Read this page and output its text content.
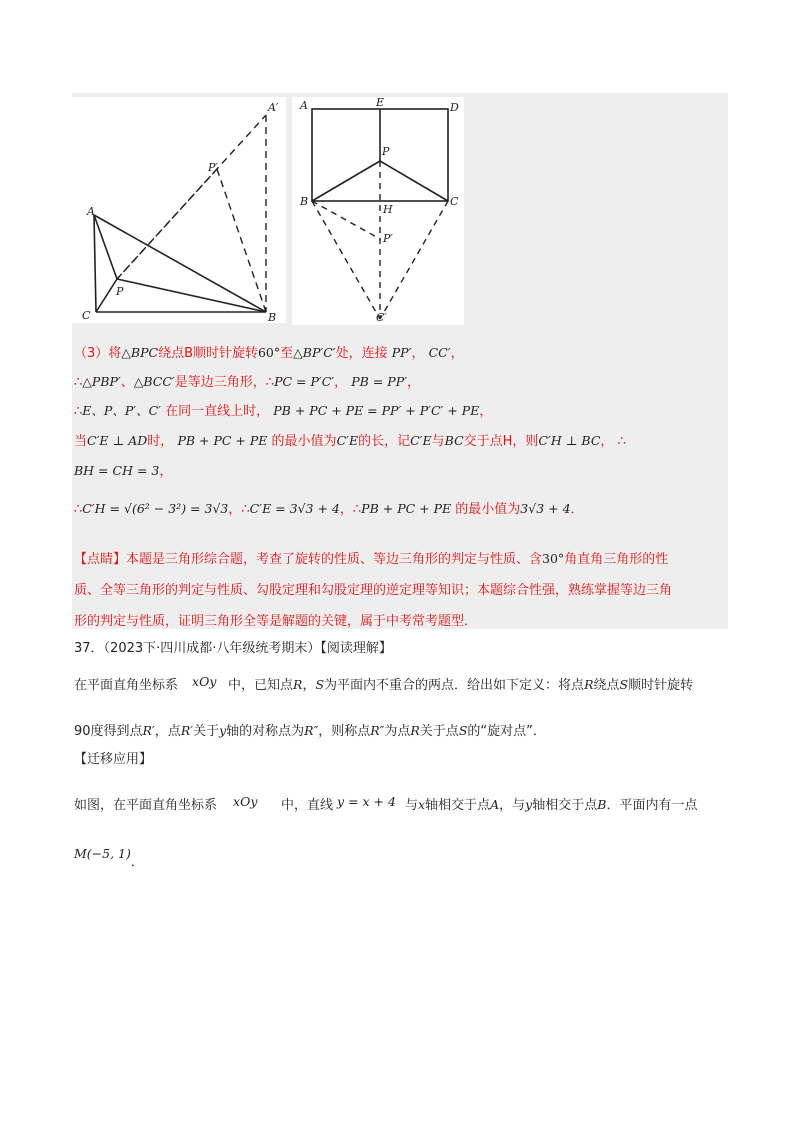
A
A′
P′
P
C	B
A	E	D
P
B
H
C
P′
C′
（3）将△BPC绕点B顺时针旋转60°至△BP′C′处，连接 PP′， CC′，
∴△PBP′、△BCC′是等边三角形，∴PC = P′C′， PB = PP′，
∴E、P、P′、C′ 在同一直线上时， PB + PC + PE = PP′ + P′C′ + PE，
当C′E ⊥ AD时， PB + PC + PE 的最小值为C′E的长，记C′E与BC交于点H，则C′H ⊥ BC， ∴
BH = CH = 3，
∴C′H = √(6² − 3²) = 3√3，∴C′E = 3√3 + 4，∴PB + PC + PE 的最小值为3√3 + 4．
【点睛】本题是三角形综合题，考查了旋转的性质、等边三角形的判定与性质、含30°角直角三角形的性
质、全等三角形的判定与性质、勾股定理和勾股定理的逆定理等知识；本题综合性强，熟练掌握等边三角
形的判定与性质，证明三角形全等是解题的关键，属于中考常考题型．
37．（2023下·四川成都·八年级统考期末）【阅读理解】
在平面直角坐标系 xOy 中，已知点R，S为平面内不重合的两点．给出如下定义：将点R绕点S顺时针旋转
90度得到点R′，点R′关于y轴的对称点为R″，则称点R″为点R关于点S的“旋对点”．
【迁移应用】
如图，在平面直角坐标系 xOy 中，直线 y = x + 4 与x轴相交于点A，与y轴相交于点B．平面内有一点
M(−5, 1)．
